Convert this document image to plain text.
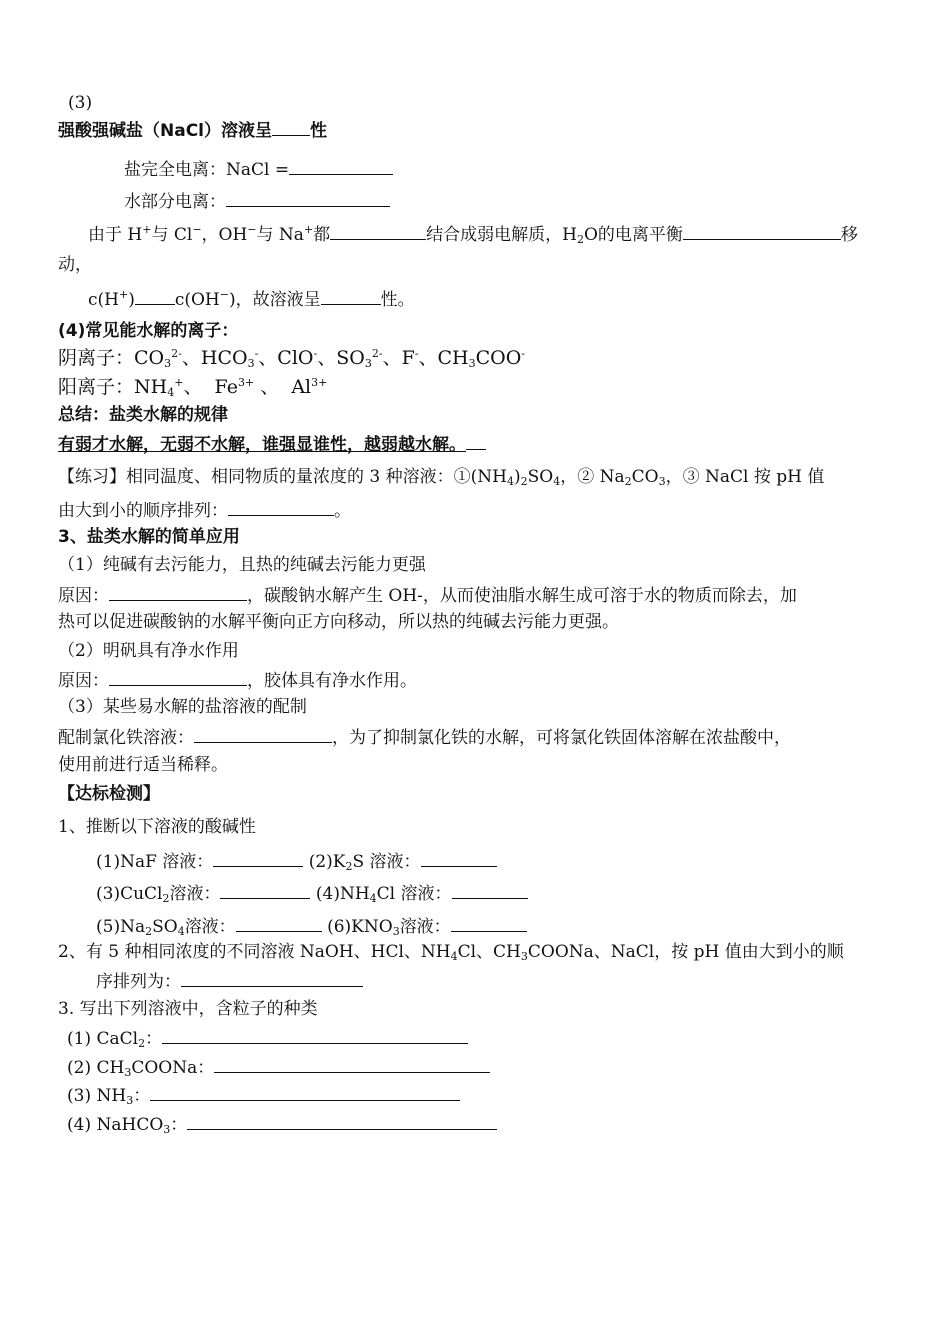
(3)
强酸强碱盐（NaCl）溶液呈 性
盐完全电离：NaCl =
水部分电离：
由于 H+与 Cl−，OH−与 Na+都	结合成弱电解质，$H_2O$的电离平衡	移
动，
c(H+) c(OH−)，故溶液呈	性。
(4)常见能水解的离子：
阴离子：$CO_3^{2-}$、$HCO_3^-$、ClO-、$SO_3^{2-}$、F-、$CH_3COO^-$
阳离子：$NH_4^+$、 $Fe^{3+}$ 、 $Al^{3+}$
总结：盐类水解的规律
有弱才水解，无弱不水解，谁强显谁性，越弱越水解。
【练习】相同温度、相同物质的量浓度的 3 种溶液：$①(NH_4)_2SO_4$，② $Na_2CO_3$，③ NaCl 按 pH 值
由大到小的顺序排列：	。
3、盐类水解的简单应用
（1）纯碱有去污能力，且热的纯碱去污能力更强
原因：	，碳酸钠水解产生 OH-，从而使油脂水解生成可溶于水的物质而除去，加
热可以促进碳酸钠的水解平衡向正方向移动，所以热的纯碱去污能力更强。
（2）明矾具有净水作用
原因：	，胶体具有净水作用。
（3）某些易水解的盐溶液的配制
配制氯化铁溶液：	，为了抑制氯化铁的水解，可将氯化铁固体溶解在浓盐酸中，
使用前进行适当稀释。
【达标检测】
1、推断以下溶液的酸碱性
(1)NaF 溶液：	$(2)K_2S$ 溶液：
(3)CuCl$_2$溶液：	$(4)NH_4Cl$ 溶液：
$(5)Na_2SO_4$溶液：	$(6)KNO_3$溶液：
2、有 5 种相同浓度的不同溶液 NaOH、HCl、$NH_4Cl$、$CH_3COONa$、NaCl，按 pH 值由大到小的顺
序排列为：
3. 写出下列溶液中，含粒子的种类
(1) CaCl$_2$：
(2) $CH_3COONa$：
(3) $NH_3$：
(4) NaHCO$_3$：
